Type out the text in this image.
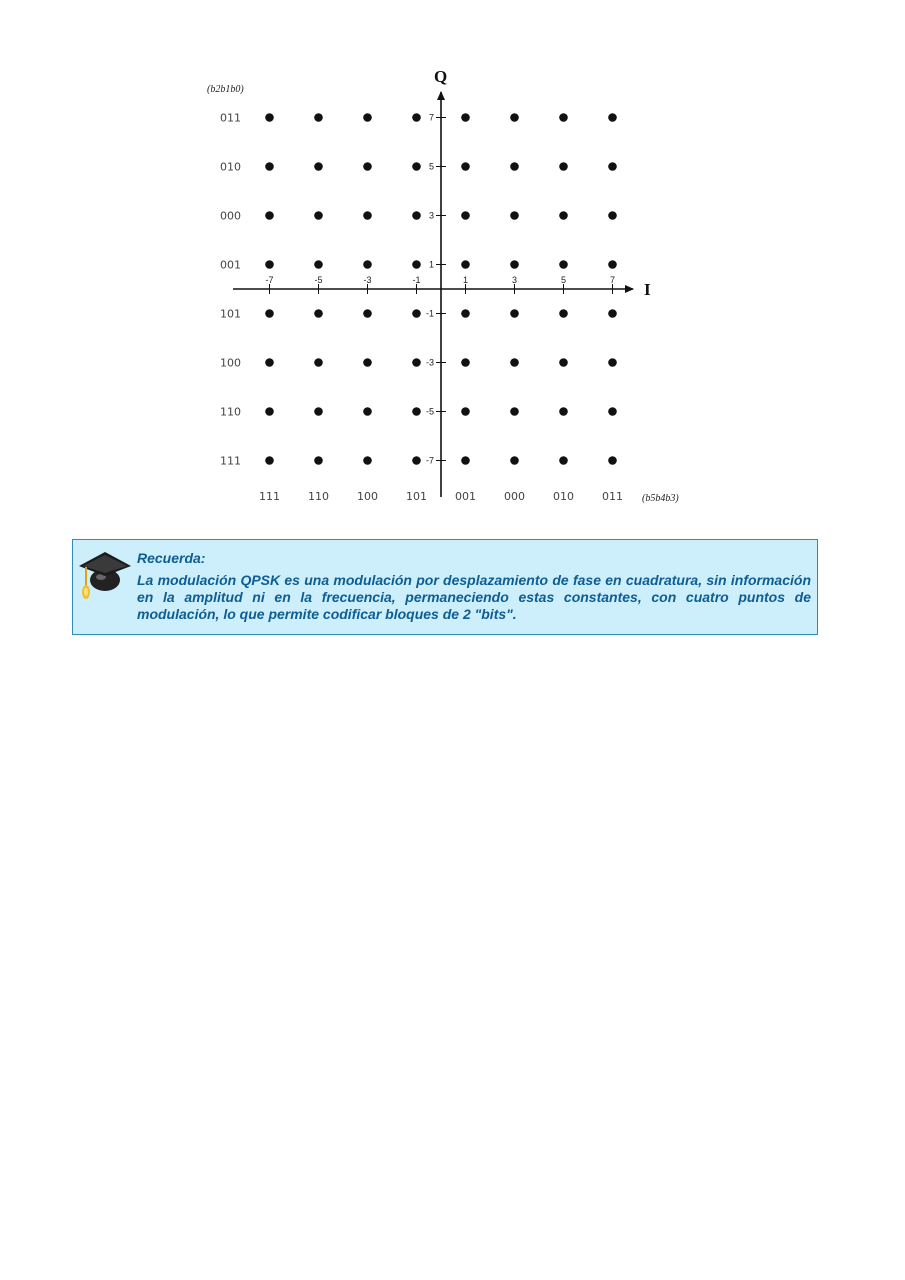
Q
I
(b2b1b0)
(b5b4b3)
-7	-5	-3	-1	1	3	5	7
7
5
3
1
-1
-3
-5
-7
011
010
000
001
101
100
110
111
111	110	100	101	001	000	010	011
Recuerda:

La modulación QPSK es una modulación por desplazamiento de fase en cuadratura, sin información en la amplitud ni en la frecuencia, permaneciendo estas constantes, con cuatro puntos de modulación, lo que permite codificar bloques de 2 "bits".
